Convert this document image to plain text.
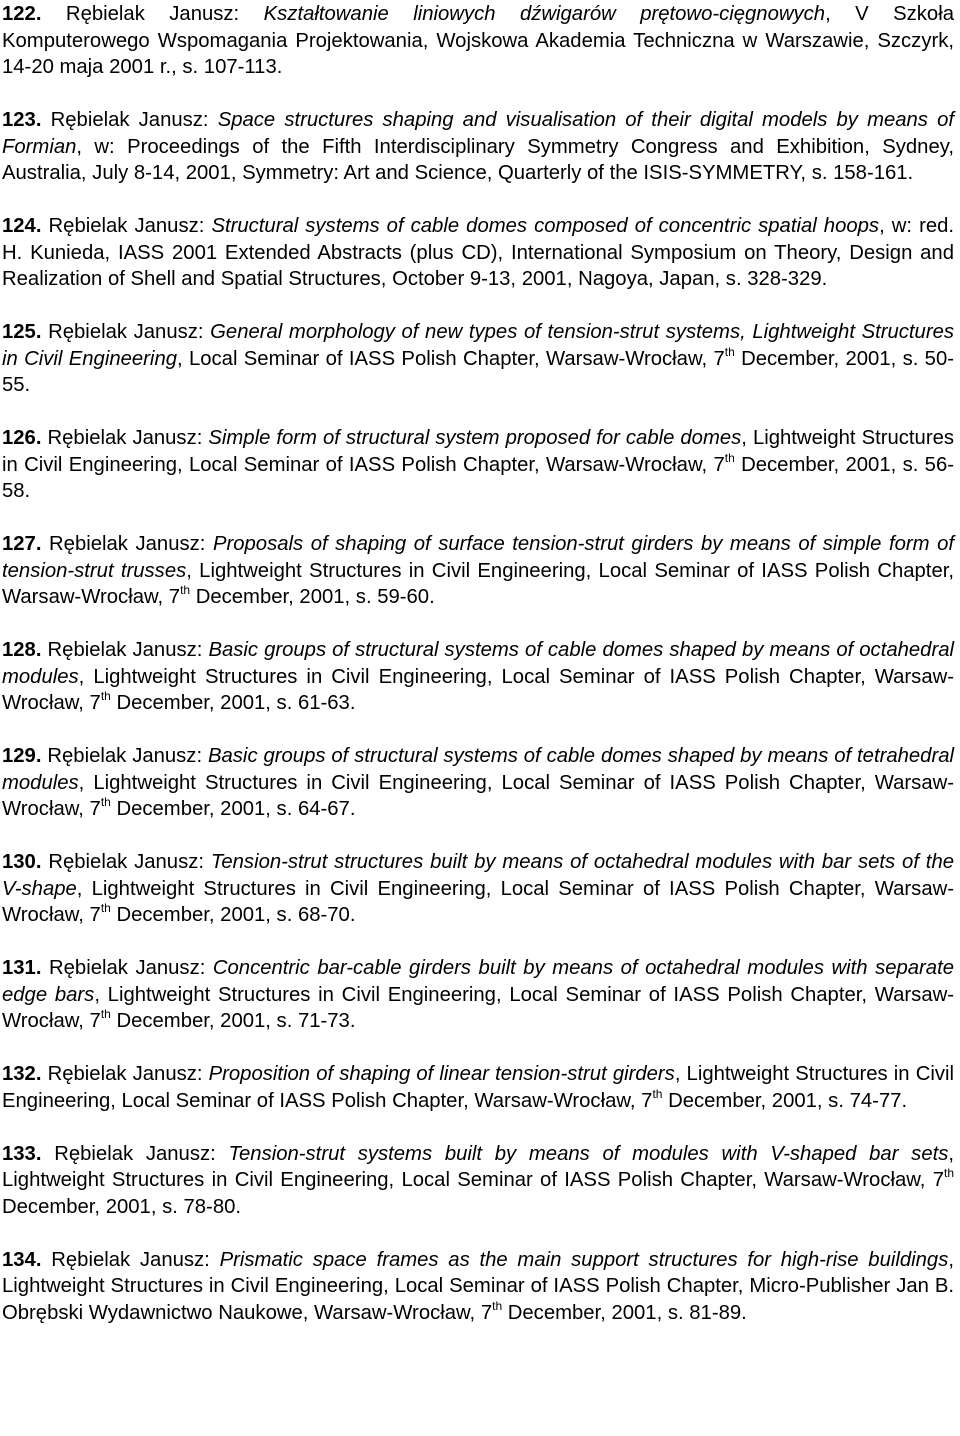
122. Rębielak Janusz: Kształtowanie liniowych dźwigarów prętowo-cięgnowych, V Szkoła Komputerowego Wspomagania Projektowania, Wojskowa Akademia Techniczna w Warszawie, Szczyrk, 14-20 maja 2001 r., s. 107-113.

123. Rębielak Janusz: Space structures shaping and visualisation of their digital models by means of Formian, w: Proceedings of the Fifth Interdisciplinary Symmetry Congress and Exhibition, Sydney, Australia, July 8-14, 2001, Symmetry: Art and Science, Quarterly of the ISIS-SYMMETRY, s. 158-161.

124. Rębielak Janusz: Structural systems of cable domes composed of concentric spatial hoops, w: red. H. Kunieda, IASS 2001 Extended Abstracts (plus CD), International Symposium on Theory, Design and Realization of Shell and Spatial Structures, October 9-13, 2001, Nagoya, Japan, s. 328-329.

125. Rębielak Janusz: General morphology of new types of tension-strut systems, Lightweight Structures in Civil Engineering, Local Seminar of IASS Polish Chapter, Warsaw-Wrocław, 7th December, 2001, s. 50-55.

126. Rębielak Janusz: Simple form of structural system proposed for cable domes, Lightweight Structures in Civil Engineering, Local Seminar of IASS Polish Chapter, Warsaw-Wrocław, 7th December, 2001, s. 56-58.

127. Rębielak Janusz: Proposals of shaping of surface tension-strut girders by means of simple form of tension-strut trusses, Lightweight Structures in Civil Engineering, Local Seminar of IASS Polish Chapter, Warsaw-Wrocław, 7th December, 2001, s. 59-60.

128. Rębielak Janusz: Basic groups of structural systems of cable domes shaped by means of octahedral modules, Lightweight Structures in Civil Engineering, Local Seminar of IASS Polish Chapter, Warsaw-Wrocław, 7th December, 2001, s. 61-63.

129. Rębielak Janusz: Basic groups of structural systems of cable domes shaped by means of tetrahedral modules, Lightweight Structures in Civil Engineering, Local Seminar of IASS Polish Chapter, Warsaw- Wrocław, 7th December, 2001, s. 64-67.

130. Rębielak Janusz: Tension-strut structures built by means of octahedral modules with bar sets of the V-shape, Lightweight Structures in Civil Engineering, Local Seminar of IASS Polish Chapter, Warsaw-Wrocław, 7th December, 2001, s. 68-70.

131. Rębielak Janusz: Concentric bar-cable girders built by means of octahedral modules with separate edge bars, Lightweight Structures in Civil Engineering, Local Seminar of IASS Polish Chapter, Warsaw-Wrocław, 7th December, 2001, s. 71-73.

132. Rębielak Janusz: Proposition of shaping of linear tension-strut girders, Lightweight Structures in Civil Engineering, Local Seminar of IASS Polish Chapter, Warsaw-Wrocław, 7th December, 2001, s. 74-77.

133. Rębielak Janusz: Tension-strut systems built by means of modules with V-shaped bar sets, Lightweight Structures in Civil Engineering, Local Seminar of IASS Polish Chapter, Warsaw-Wrocław, 7th December, 2001, s. 78-80.

134. Rębielak Janusz: Prismatic space frames as the main support structures for high-rise buildings, Lightweight Structures in Civil Engineering, Local Seminar of IASS Polish Chapter, Micro-Publisher Jan B. Obrębski Wydawnictwo Naukowe, Warsaw-Wrocław, 7th December, 2001, s. 81-89.
